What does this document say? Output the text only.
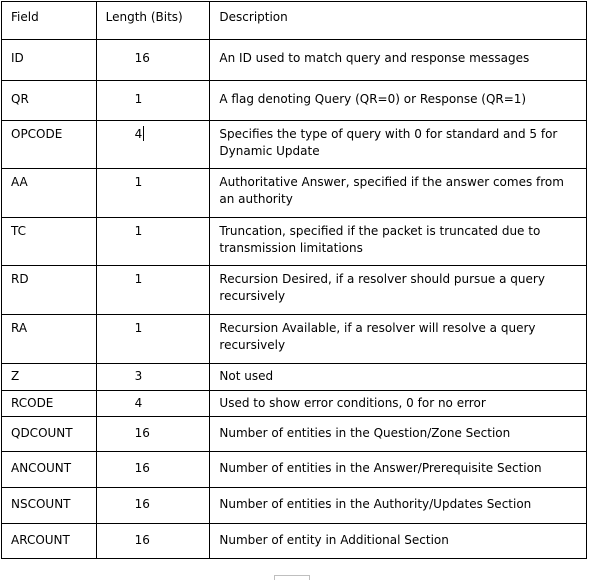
Field	Length (Bits)	Description

ID	16	An ID used to match query and response messages

QR	1	A flag denoting Query (QR=0) or Response (QR=1)

OPCODE	4	Specifies the type of query with 0 for standard and 5 for Dynamic Update

AA	1	Authoritative Answer, specified if the answer comes from an authority

TC	1	Truncation, specified if the packet is truncated due to transmission limitations

RD	1	Recursion Desired, if a resolver should pursue a query recursively

RA	1	Recursion Available, if a resolver will resolve a query recursively

Z	3	Not used

RCODE	4	Used to show error conditions, 0 for no error

QDCOUNT	16	Number of entities in the Question/Zone Section

ANCOUNT	16	Number of entities in the Answer/Prerequisite Section

NSCOUNT	16	Number of entities in the Authority/Updates Section

ARCOUNT	16	Number of entity in Additional Section
